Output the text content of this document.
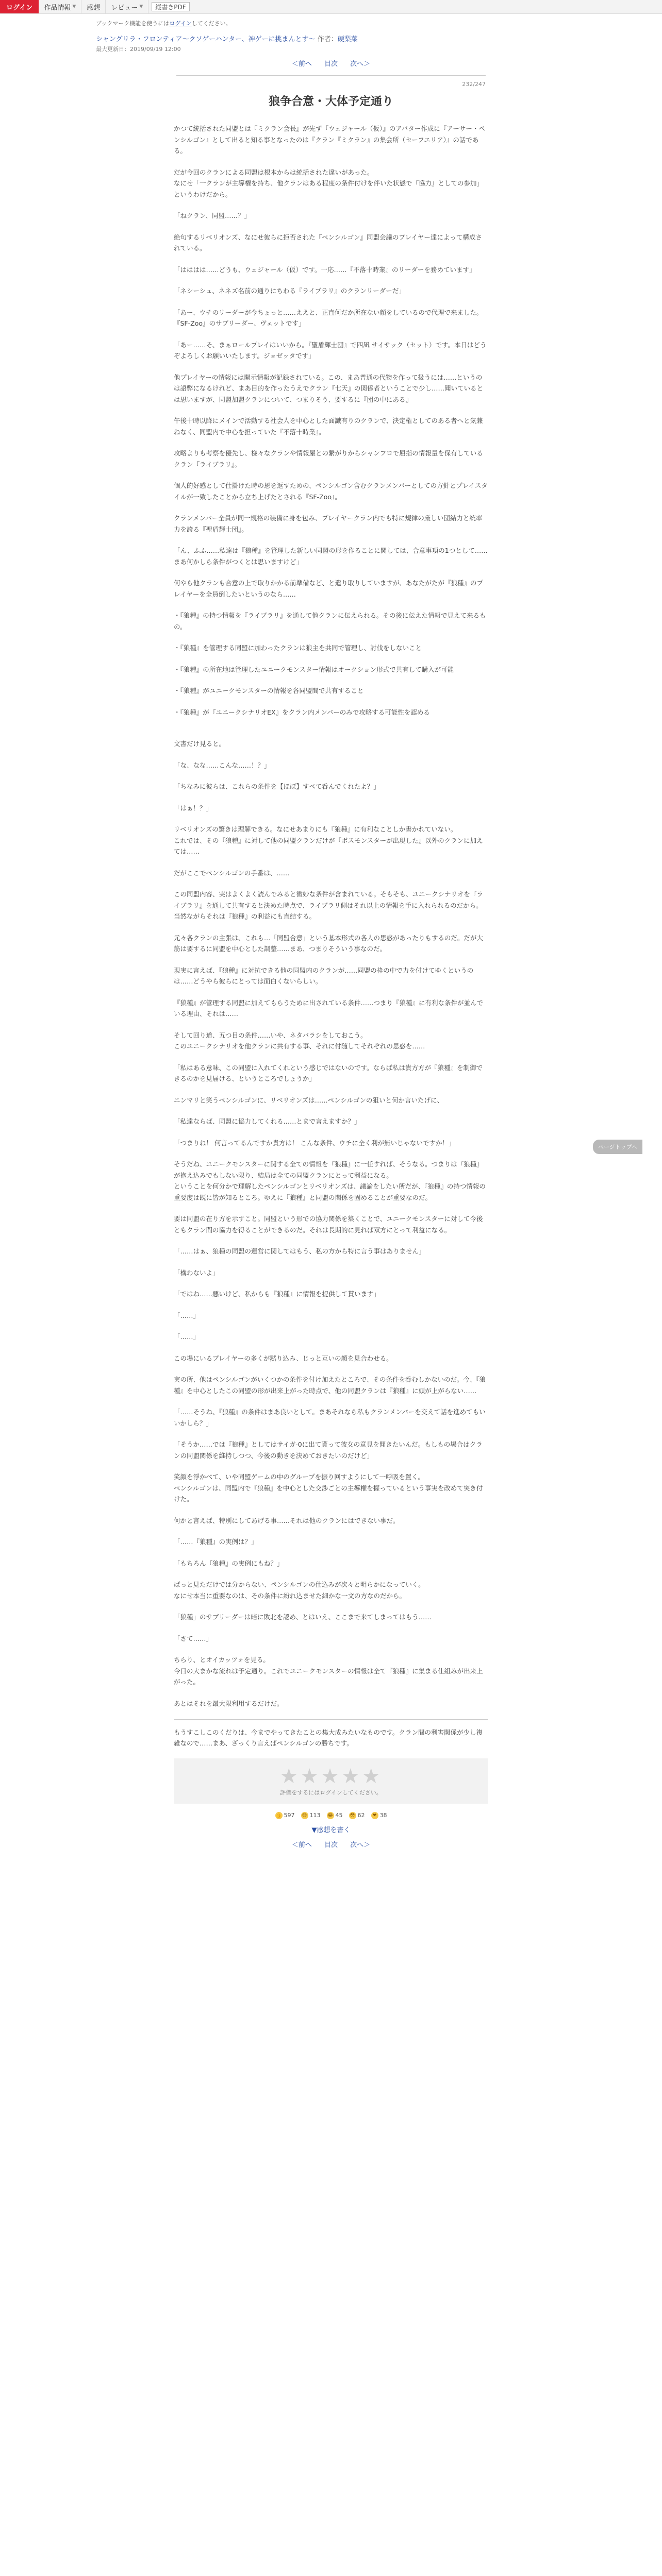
ログイン	作品情報 ▼	感想	レビュー ▼	縦書きPDF
ブックマーク機能を使うにはログインしてください。
シャングリラ・フロンティア〜クソゲーハンター、神ゲーに挑まんとす〜 作者：硬梨菜
最大更新日：2019/09/19 12:00
＜前へ 目次 次へ＞
232/247
狼争合意・大体予定通り

かつて統括された同盟とは『ミクラン会長』が先ず『ウェジャール（仮）』のアバター作成に『アーサー・ペンシルゴン』として出ると知る事となったのは『クラン『ミクラン』の集会所（セーフエリア）』の話である。

だが今回のクランによる同盟は根本からは統括された違いがあった。
なにせ「一クランが主導権を持ち、他クランはある程度の条件付けを伴いた状態で『協力』としての参加」というわけだから。

「ねクラン、同盟……？」

絶句するリベリオンズ、なにせ彼らに拒否された『ペンシルゴン』同盟会議のプレイヤー達によって構成されている。

「はははは……どうも、ウェジャール（仮）です。一応……『不落十時業』のリーダーを務めています」

「ネシーシュ、ネネズ名前の通りにちわる『ライブラリ』のクランリーダーだ」

「あー、ウチのリーダーが今ちょっと……ええと、正直何だか所在ない顔をしているので代理で来ました。『SF-Zoo』のサブリーダー、ヴェットです」

「あー……そ、まぁロールプレイはいいから。『聖盾輝士団』で四凪 サイサック（セット）です。本日はどうぞよろしくお願いいたします。ジョゼッタです」

他プレイヤーの情報には開示情報が記録されている。この、まあ普通の代物を作って扱うには……というのは語弊になるけれど、まあ目的を作ったうえでクラン『七天』の関係者ということで少し……聞いているとは思いますが、同盟加盟クランについて、つまりそう、要するに『団の中にある』

午後十時以降にメインで活動する社会人を中心とした面識有りのクランで、決定権としてのある者へと気兼ねなく、同盟内で中心を担っていた『不落十時業』。

攻略よりも考察を優先し、様々なクランや情報屋との繋がりからシャンフロで屈指の情報量を保有しているクラン『ライブラリ』。

個人的好感として仕掛けた時の恩を返すための、ペンシルゴン含むクランメンバーとしての方針とプレイスタイルが一致したことから立ち上げたとされる『SF-Zoo』。

クランメンバー全員が同一規格の装備に身を包み、プレイヤークラン内でも特に規律の厳しい団結力と統率力を誇る『聖盾輝士団』。

「ん、ふふ……私達は『狼種』を管理した新しい同盟の形を作ることに関しては、合意事項の1つとして……まあ何かしら条件がつくとは思いますけど」

何やら他クランも合意の上で取りかかる前準備など、と遣り取りしていますが、あなたがたが『狼種』のプレイヤーを全員倒したいというのなら……

・『狼種』の持つ情報を『ライブラリ』を通して他クランに伝えられる。その後に伝えた情報で見えて来るもの。

・『狼種』を管理する同盟に加わったクランは狼主を共同で管理し、討伐をしないこと

・『狼種』の所在地は管理したユニークモンスター情報はオークション形式で共有して購入が可能

・『狼種』がユニークモンスターの情報を各同盟間で共有すること

・『狼種』が『ユニークシナリオEX』をクラン内メンバーのみで攻略する可能性を認める

文書だけ見ると。

「な、なな……こんな……！？」

「ちなみに彼らは、これらの条件を【ほぼ】すべて呑んでくれたよ？」

「はぁ！？」

リベリオンズの驚きは理解できる。なにせあまりにも『狼種』に有利なことしか書かれていない。
これでは、その『狼種』に対して他の同盟クランだけが『ボスモンスターが出現した』以外のクランに加えては……

だがここでペンシルゴンの手番は、……

この同盟内容、実はよくよく読んでみると微妙な条件が含まれている。そもそも、ユニークシナリオを『ライブラリ』を通して共有すると決めた時点で、ライブラリ側はそれ以上の情報を手に入れられるのだから。当然ながらそれは『狼種』の利益にも直結する。

元々各クランの主張は、これも…「同盟合意」という基本形式の各人の思惑があったりもするのだ。だが大筋は要するに同盟を中心とした調整……まあ、つまりそういう事なのだ。

現実に言えば、『狼種』に対抗できる他の同盟内のクランが……同盟の枠の中で力を付けてゆくというのは……どうやら彼らにとっては面白くないらしい。

『狼種』が管理する同盟に加えてもらうために出されている条件……つまり『狼種』に有利な条件が並んでいる理由、それは……

そして回り道、五つ目の条件……いや、ネタバラシをしておこう。
このユニークシナリオを他クランに共有する事、それに付随してそれぞれの思惑を……

「私はある意味、この同盟に入れてくれという感じではないのです。ならば私は貴方方が『狼種』を制御できるのかを見届ける、というところでしょうか」

ニンマリと笑うペンシルゴンに、リベリオンズは……ペンシルゴンの狙いと何か言いたげに、

「私達ならば、同盟に協力してくれる……とまで言えますか？」

「つまりね！ 何言ってるんですか貴方は！ こんな条件、ウチに全く利が無いじゃないですか！」

そうだね、ユニークモンスターに関する全ての情報を『狼種』に一任すれば、そうなる。つまりは『狼種』が抱え込みでもしない限り、結局は全ての同盟クランにとって利益になる。
ということを何分かで理解したペンシルゴンとリベリオンズは、議論をしたい所だが、『狼種』の持つ情報の重要度は既に皆が知るところ。ゆえに『狼種』と同盟の関係を固めることが重要なのだ。

要は同盟の在り方を示すこと。同盟という形での協力関係を築くことで、ユニークモンスターに対して今後ともクラン間の協力を得ることができるのだ。それは長期的に見れば双方にとって利益になる。

「……はぁ、狼種の同盟の運営に関してはもう、私の方から特に言う事はありません」

「構わないよ」

「ではね……悪いけど、私からも『狼種』に情報を提供して貰います」

「……」

「……」

この場にいるプレイヤーの多くが黙り込み、じっと互いの顔を見合わせる。

実の所、他はペンシルゴンがいくつかの条件を付け加えたところで、その条件を呑むしかないのだ。今、『狼種』を中心としたこの同盟の形が出来上がった時点で、他の同盟クランは『狼種』に頭が上がらない……

「……そうね、『狼種』の条件はまあ良いとして。まあそれなら私もクランメンバーを交えて話を進めてもいいかしら？」

「そうか……では『狼種』としてはサイガ-0に出て貰って彼女の意見を聞きたいんだ。もしもの場合はクランの同盟関係を維持しつつ、今後の動きを決めておきたいのだけど」

笑顔を浮かべて、いや同盟ゲームの中のグループを振り回すようにして一呼吸を置く。
ペンシルゴンは、同盟内で『狼種』を中心とした交渉ごとの主導権を握っているという事実を改めて突き付けた。

何かと言えば、特別にしてあげる事……それは他のクランにはできない事だ。

「……『狼種』の実例は？」

「もちろん『狼種』の実例にもね？」

ぱっと見ただけでは分からない、ペンシルゴンの仕込みが次々と明らかになっていく。
なにせ本当に重要なのは、その条件に紛れ込ませた細かな一文の方なのだから。

「狼種」のサブリーダーは暗に敗北を認め、とはいえ、ここまで来てしまってはもう……

「さて……」

ちらり、とオイカッツォを見る。
今日の大まかな流れは予定通り。これでユニークモンスターの情報は全て『狼種』に集まる仕組みが出来上がった。

あとはそれを最大限利用するだけだ。

もうすこしこのくだりは、今までやってきたことの集大成みたいなものです。クラン間の利害関係が少し複雑なので……まあ、ざっくり言えばペンシルゴンの勝ちです。
★★★★★
評価をするにはログインしてください。
👍 597 😊 113 😂 45 😳 62	❤ 38
▼感想を書く
＜前へ 目次 次へ＞
ページトップへ
